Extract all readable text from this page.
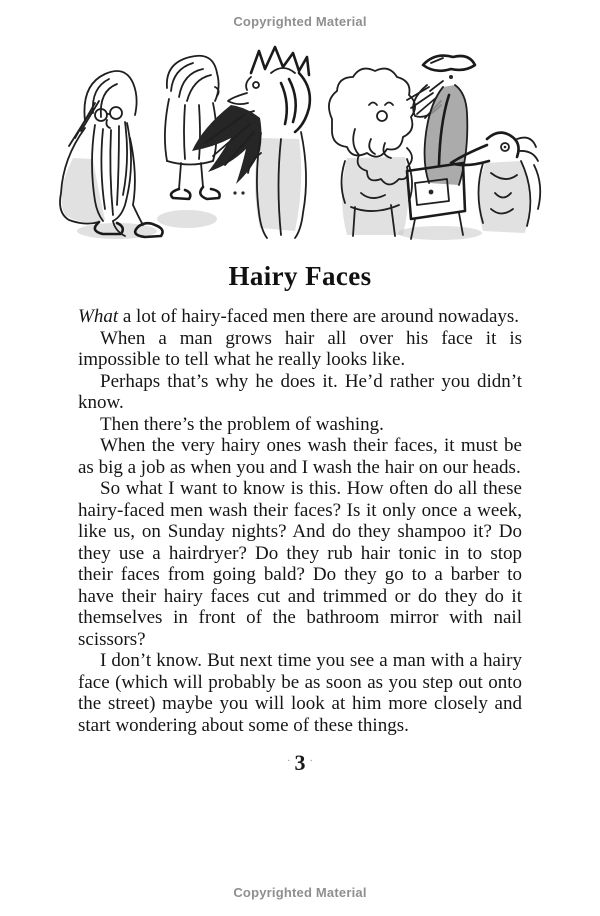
Copyrighted Material
Hairy Faces

What a lot of hairy-faced men there are around nowadays.

When a man grows hair all over his face it is impossible to tell what he really looks like.

Perhaps that’s why he does it. He’d rather you didn’t know.

Then there’s the problem of washing.

When the very hairy ones wash their faces, it must be as big a job as when you and I wash the hair on our heads.

So what I want to know is this. How often do all these hairy-faced men wash their faces? Is it only once a week, like us, on Sunday nights? And do they shampoo it? Do they use a hairdryer? Do they rub hair tonic in to stop their faces from going bald? Do they go to a barber to have their hairy faces cut and trimmed or do they do it themselves in front of the bathroom mirror with nail scissors?

I don’t know. But next time you see a man with a hairy face (which will probably be as soon as you step out onto the street) maybe you will look at him more closely and start wondering about some of these things.

· 3 ·
Copyrighted Material
